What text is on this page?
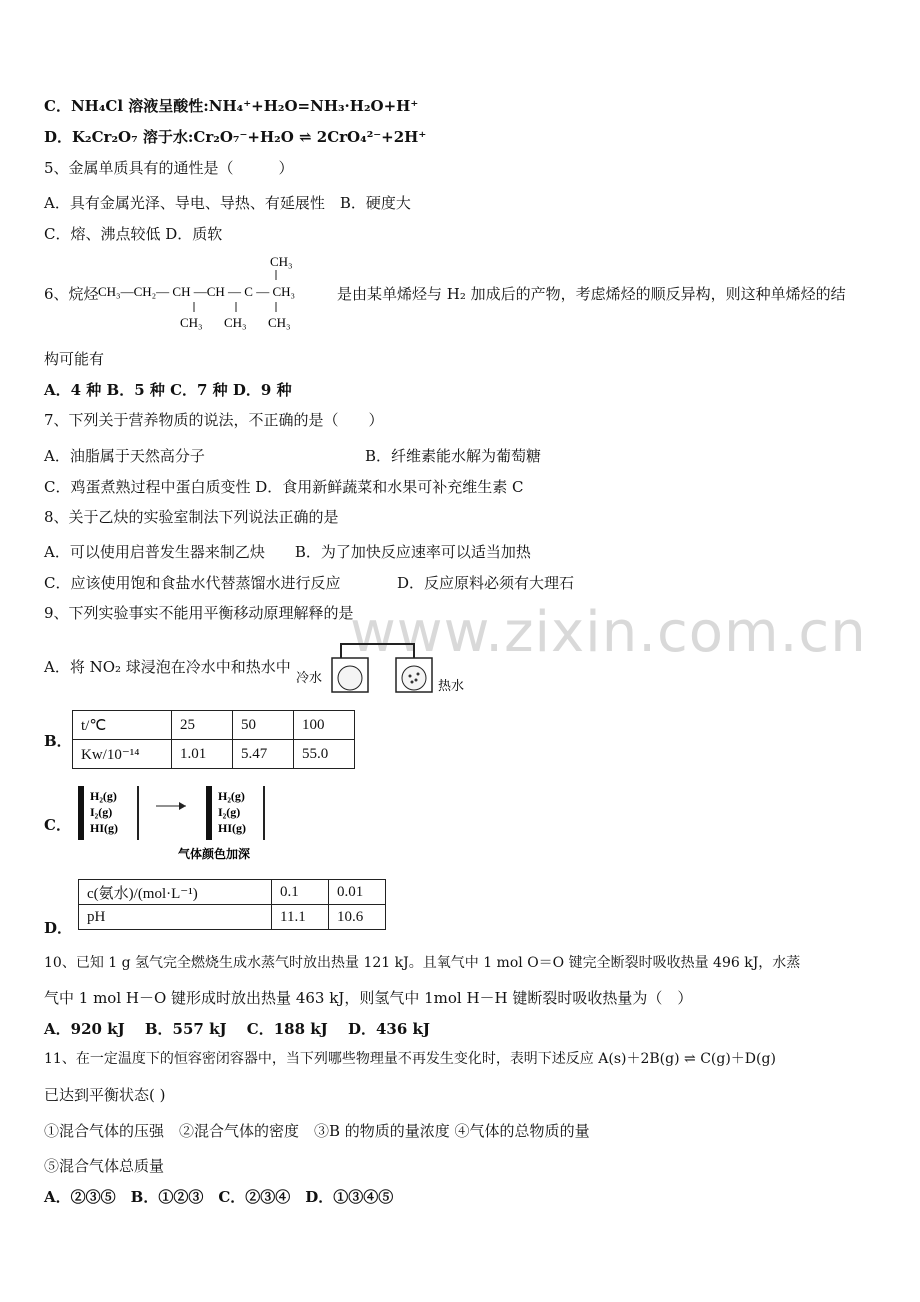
www.zixin.com.cn
C．NH₄Cl 溶液呈酸性:NH₄⁺+H₂O=NH₃·H₂O+H⁺
D．K₂Cr₂O₇ 溶于水:Cr₂O₇⁻+H₂O ⇌ 2CrO₄²⁻+2H⁺
5、金属单质具有的通性是（　　　）
A．具有金属光泽、导电、导热、有延展性　B．硬度大
C．熔、沸点较低 D．质软
6、烷烃
CH₃
CH₃—CH₂— CH —CH — C — CH₃
CH₃ CH₃ CH₃
是由某单烯烃与 H₂ 加成后的产物，考虑烯烃的顺反异构，则这种单烯烃的结
构可能有
A．4 种 B．5 种 C．7 种 D．9 种
7、下列关于营养物质的说法，不正确的是（　　）
A．油脂属于天然高分子	B．纤维素能水解为葡萄糖
C．鸡蛋煮熟过程中蛋白质变性 D．食用新鲜蔬菜和水果可补充维生素 C
8、关于乙炔的实验室制法下列说法正确的是
A．可以使用启普发生器来制乙炔　　B．为了加快反应速率可以适当加热
C．应该使用饱和食盐水代替蒸馏水进行反应	D．反应原料必须有大理石
9、下列实验事实不能用平衡移动原理解释的是
A．将 NO₂ 球浸泡在冷水中和热水中
冷水
热水
B．
t/℃	25	50	100
Kw/10⁻¹⁴	1.01	5.47	55.0
C．
H₂(g)
I₂(g)
HI(g)
H₂(g)
I₂(g)
HI(g)
气体颜色加深
D．
c(氨水)/(mol·L⁻¹)	0.1	0.01
pH	11.1	10.6
10、已知 1 g 氢气完全燃烧生成水蒸气时放出热量 121 kJ。且氧气中 1 mol O＝O 键完全断裂时吸收热量 496 kJ，水蒸
气中 1 mol H－O 键形成时放出热量 463 kJ，则氢气中 1mol H－H 键断裂时吸收热量为（　）
A．920 kJ　 B．557 kJ　 C．188 kJ　 D．436 kJ
11、在一定温度下的恒容密闭容器中，当下列哪些物理量不再发生变化时，表明下述反应 A(s)＋2B(g) ⇌ C(g)＋D(g)
已达到平衡状态( )
①混合气体的压强　②混合气体的密度　③B 的物质的量浓度 ④气体的总物质的量
⑤混合气体总质量
A．②③⑤　B．①②③　C．②③④　D．①③④⑤
